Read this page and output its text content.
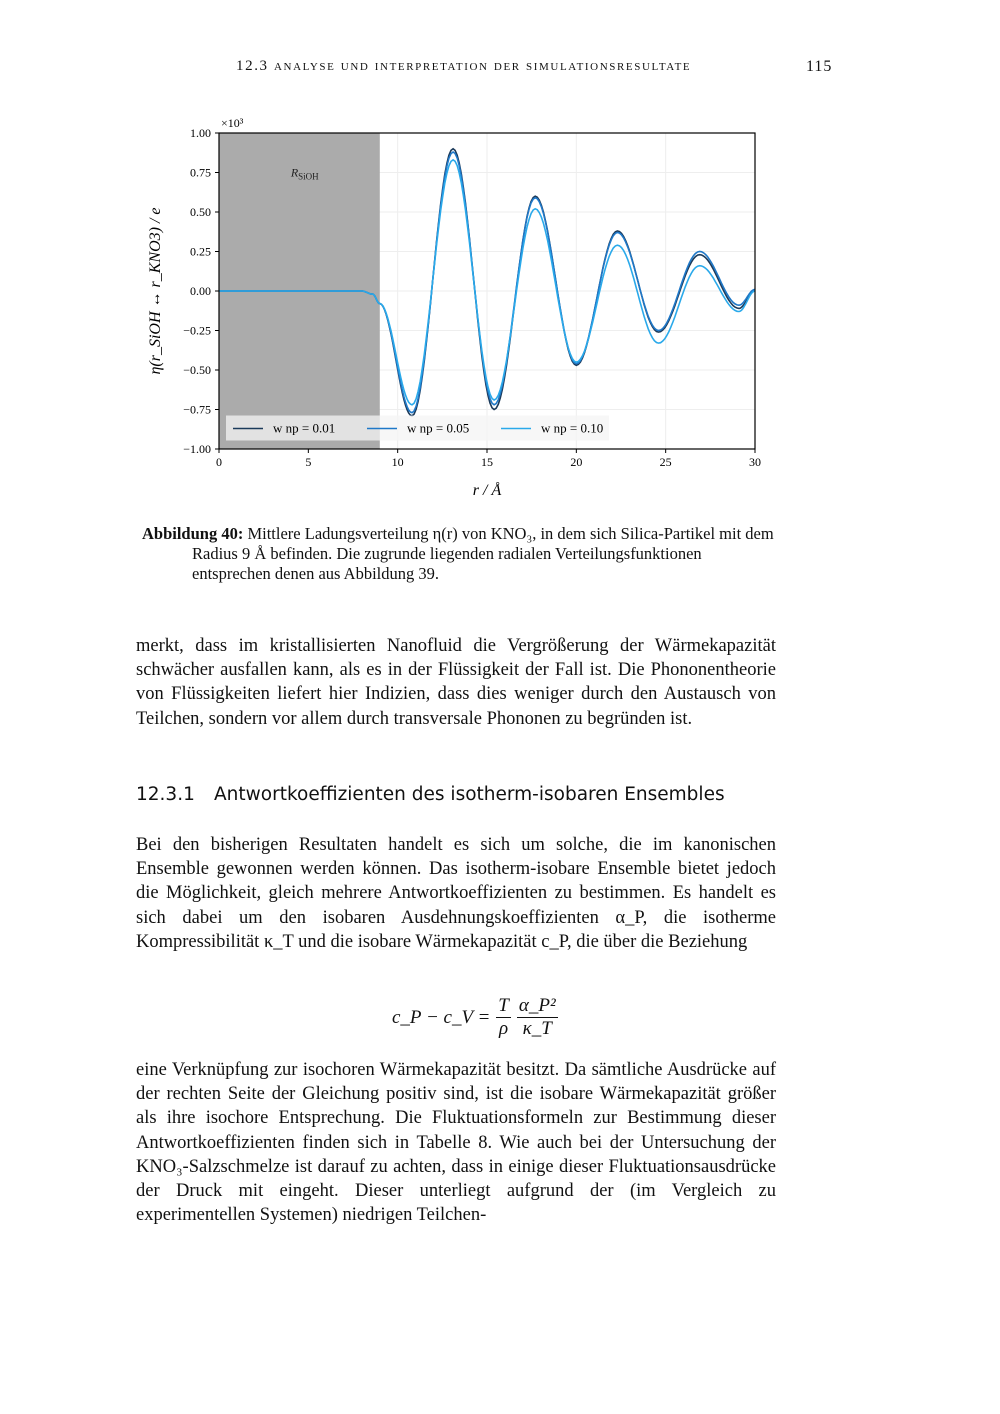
12.3 analyse und interpretation der simulationsresultate	115
$R_{SiOH}$
0	5	10	15	20	25	30
1.00
0.75
0.50
0.25
0.00
−0.25
−0.50
−0.75
−1.00
×10³
r / Å
η(r_SiOH ↔ r_KNO3) / e
w np = 0.01	w np = 0.05	w np = 0.10
Abbildung 40: Mittlere Ladungsverteilung η(r) von KNO₃, in dem sich Silica-Partikel mit dem Radius 9 Å befinden. Die zugrunde liegenden radialen Verteilungsfunktionen entsprechen denen aus Abbildung 39.
merkt, dass im kristallisierten Nanofluid die Vergrößerung der Wärmekapazität schwächer ausfallen kann, als es in der Flüssigkeit der Fall ist. Die Phononentheorie von Flüssigkeiten liefert hier Indizien, dass dies weniger durch den Austausch von Teilchen, sondern vor allem durch transversale Phononen zu begründen ist.
12.3.1 Antwortkoeffizienten des isotherm-isobaren Ensembles
Bei den bisherigen Resultaten handelt es sich um solche, die im kanonischen Ensemble gewonnen werden können. Das isotherm-isobare Ensemble bietet jedoch die Möglichkeit, gleich mehrere Antwortkoeffizienten zu bestimmen. Es handelt es sich dabei um den isobaren Ausdehnungskoeffizienten α_P, die isotherme Kompressibilität κ_T und die isobare Wärmekapazität c_P, die über die Beziehung
c_P − c_V = $\frac{T}{\rho} \frac{\text{α\_P²}}{\kappa\_T}$
eine Verknüpfung zur isochoren Wärmekapazität besitzt. Da sämtliche Ausdrücke auf der rechten Seite der Gleichung positiv sind, ist die isobare Wärmekapazität größer als ihre isochore Entsprechung. Die Fluktuationsformeln zur Bestimmung dieser Antwortkoeffizienten finden sich in Tabelle 8. Wie auch bei der Untersuchung der KNO₃-Salzschmelze ist darauf zu achten, dass in einige dieser Fluktuationsausdrücke der Druck mit eingeht. Dieser unterliegt aufgrund der (im Vergleich zu experimentellen Systemen) niedrigen Teilchen-
